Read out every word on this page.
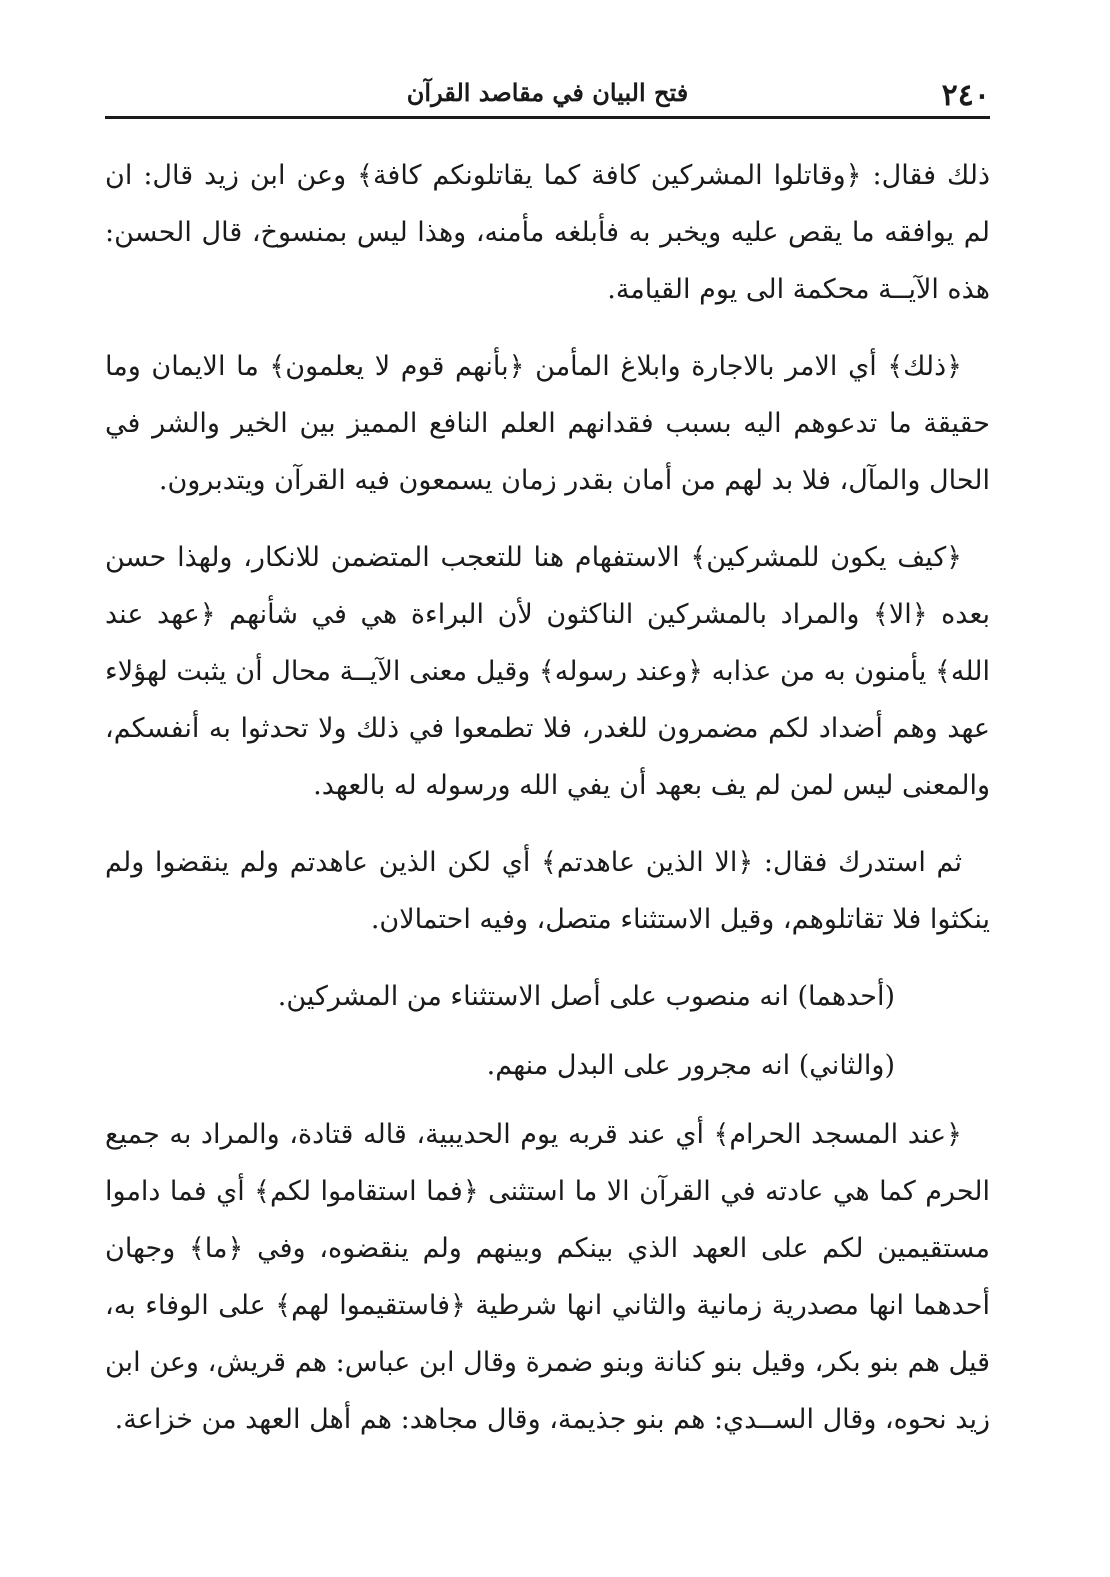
٢٤٠
فتح البيان في مقاصد القرآن

ذلك فقال: ﴿وقاتلوا المشركين كافة كما يقاتلونكم كافة﴾ وعن ابن زيد قال: ان لم يوافقه ما يقص عليه ويخبر به فأبلغه مأمنه، وهذا ليس بمنسوخ، قال الحسن: هذه الآيــة محكمة الى يوم القيامة.

﴿ذلك﴾ أي الامر بالاجارة وابلاغ المأمن ﴿بأنهم قوم لا يعلمون﴾ ما الايمان وما حقيقة ما تدعوهم اليه بسبب فقدانهم العلم النافع المميز بين الخير والشر في الحال والمآل، فلا بد لهم من أمان بقدر زمان يسمعون فيه القرآن ويتدبرون.

﴿كيف يكون للمشركين﴾ الاستفهام هنا للتعجب المتضمن للانكار، ولهذا حسن بعده ﴿الا﴾ والمراد بالمشركين الناكثون لأن البراءة هي في شأنهم ﴿عهد عند الله﴾ يأمنون به من عذابه ﴿وعند رسوله﴾ وقيل معنى الآيــة محال أن يثبت لهؤلاء عهد وهم أضداد لكم مضمرون للغدر، فلا تطمعوا في ذلك ولا تحدثوا به أنفسكم، والمعنى ليس لمن لم يف بعهد أن يفي الله ورسوله له بالعهد.

ثم استدرك فقال: ﴿الا الذين عاهدتم﴾ أي لكن الذين عاهدتم ولم ينقضوا ولم ينكثوا فلا تقاتلوهم، وقيل الاستثناء متصل، وفيه احتمالان.

(أحدهما) انه منصوب على أصل الاستثناء من المشركين.

(والثاني) انه مجرور على البدل منهم.

﴿عند المسجد الحرام﴾ أي عند قربه يوم الحديبية، قاله قتادة، والمراد به جميع الحرم كما هي عادته في القرآن الا ما استثنى ﴿فما استقاموا لكم﴾ أي فما داموا مستقيمين لكم على العهد الذي بينكم وبينهم ولم ينقضوه، وفي ﴿ما﴾ وجهان أحدهما انها مصدرية زمانية والثاني انها شرطية ﴿فاستقيموا لهم﴾ على الوفاء به، قيل هم بنو بكر، وقيل بنو كنانة وبنو ضمرة وقال ابن عباس: هم قريش، وعن ابن زيد نحوه، وقال الســدي: هم بنو جذيمة، وقال مجاهد: هم أهل العهد من خزاعة.
